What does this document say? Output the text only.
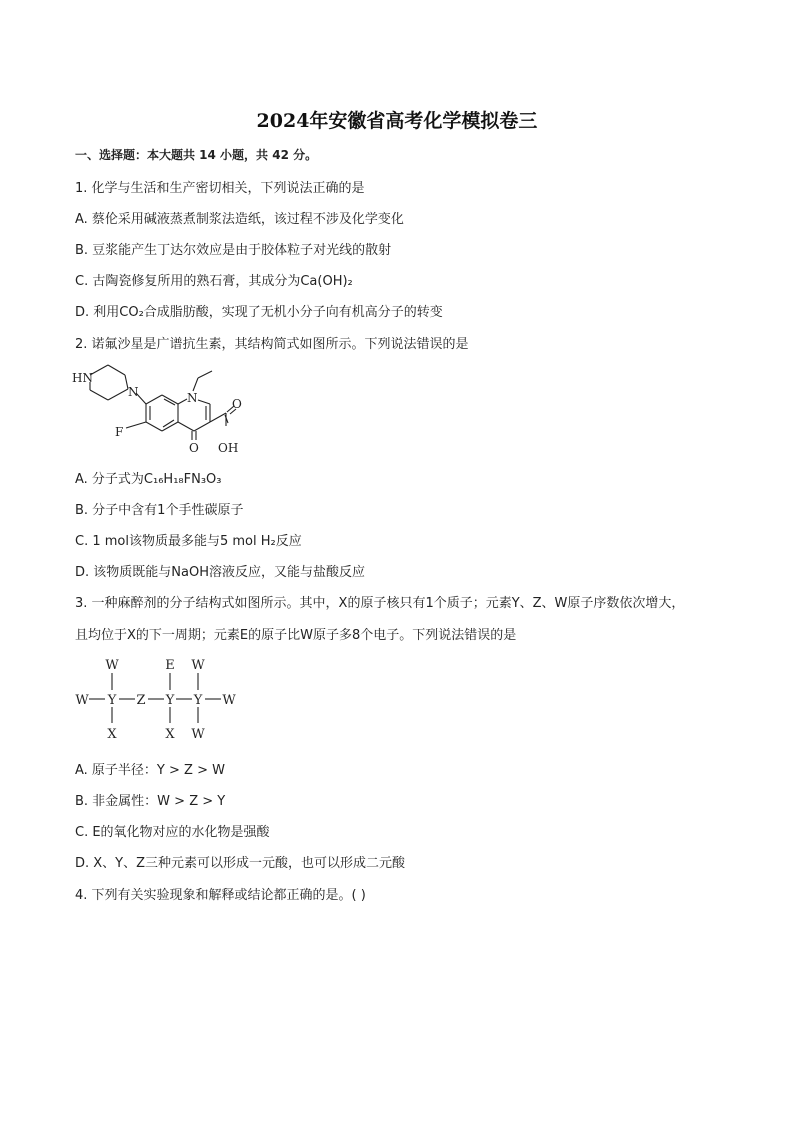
2024年安徽省高考化学模拟卷三
一、选择题：本大题共 14 小题，共 42 分。
1. 化学与生活和生产密切相关，下列说法正确的是
A. 蔡伦采用碱液蒸煮制浆法造纸，该过程不涉及化学变化
B. 豆浆能产生丁达尔效应是由于胶体粒子对光线的散射
C. 古陶瓷修复所用的熟石膏，其成分为Ca(OH)₂
D. 利用CO₂合成脂肪酸，实现了无机小分子向有机高分子的转变
2. 诺氟沙星是广谱抗生素，其结构简式如图所示。下列说法错误的是
HN
N	N
F
O
O
OH
A. 分子式为C₁₆H₁₈FN₃O₃
B. 分子中含有1个手性碳原子
C. 1 mol该物质最多能与5 mol H₂反应
D. 该物质既能与NaOH溶液反应，又能与盐酸反应
3. 一种麻醉剂的分子结构式如图所示。其中，X的原子核只有1个质子；元素Y、Z、W原子序数依次增大，
且均位于X的下一周期；元素E的原子比W原子多8个电子。下列说法错误的是
W	E W
W Y Z Y Y W
X	X W
A. 原子半径：Y > Z > W
B. 非金属性：W > Z > Y
C. E的氧化物对应的水化物是强酸
D. X、Y、Z三种元素可以形成一元酸，也可以形成二元酸
4. 下列有关实验现象和解释或结论都正确的是。( )
